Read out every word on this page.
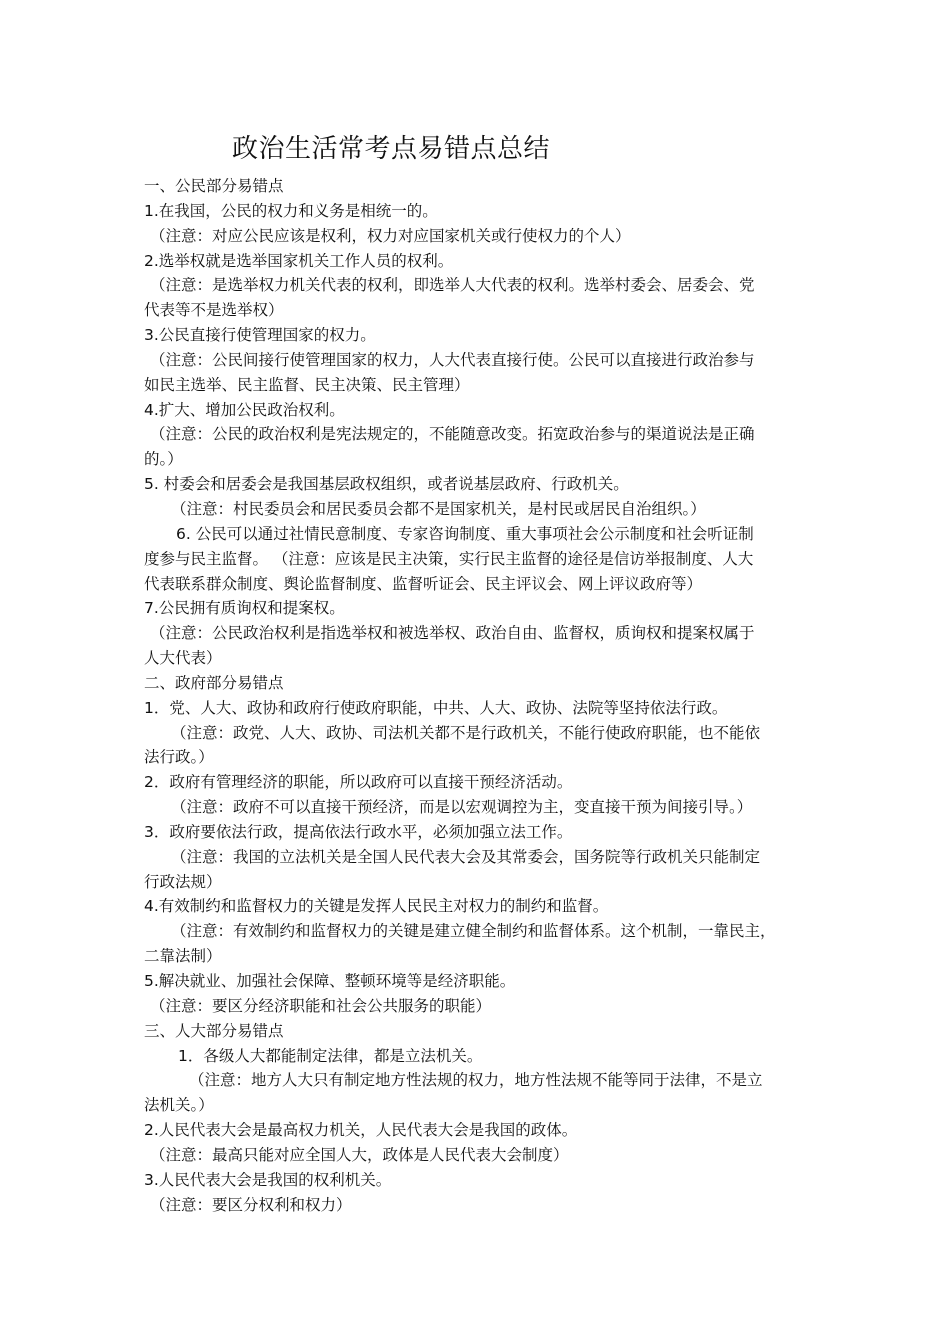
政治生活常考点易错点总结
一、公民部分易错点
1.在我国，公民的权力和义务是相统一的。
（注意：对应公民应该是权利，权力对应国家机关或行使权力的个人）
2.选举权就是选举国家机关工作人员的权利。
（注意：是选举权力机关代表的权利，即选举人大代表的权利。选举村委会、居委会、党
代表等不是选举权）
3.公民直接行使管理国家的权力。
（注意：公民间接行使管理国家的权力，人大代表直接行使。公民可以直接进行政治参与
如民主选举、民主监督、民主决策、民主管理）
4.扩大、增加公民政治权利。
（注意：公民的政治权利是宪法规定的，不能随意改变。拓宽政治参与的渠道说法是正确
的。）
5. 村委会和居委会是我国基层政权组织，或者说基层政府、行政机关。
（注意：村民委员会和居民委员会都不是国家机关，是村民或居民自治组织。）
6. 公民可以通过社情民意制度、专家咨询制度、重大事项社会公示制度和社会听证制
度参与民主监督。 （注意：应该是民主决策，实行民主监督的途径是信访举报制度、人大
代表联系群众制度、舆论监督制度、监督听证会、民主评议会、网上评议政府等）
7.公民拥有质询权和提案权。
（注意：公民政治权利是指选举权和被选举权、政治自由、监督权，质询权和提案权属于
人大代表）
二、政府部分易错点
1．党、人大、政协和政府行使政府职能，中共、人大、政协、法院等坚持依法行政。
（注意：政党、人大、政协、司法机关都不是行政机关，不能行使政府职能，也不能依
法行政。）
2．政府有管理经济的职能，所以政府可以直接干预经济活动。
（注意：政府不可以直接干预经济，而是以宏观调控为主，变直接干预为间接引导。）
3．政府要依法行政，提高依法行政水平，必须加强立法工作。
（注意：我国的立法机关是全国人民代表大会及其常委会，国务院等行政机关只能制定
行政法规）
4.有效制约和监督权力的关键是发挥人民民主对权力的制约和监督。
（注意：有效制约和监督权力的关键是建立健全制约和监督体系。这个机制，一靠民主，
二靠法制）
5.解决就业、加强社会保障、整顿环境等是经济职能。
（注意：要区分经济职能和社会公共服务的职能）
三、人大部分易错点
1．各级人大都能制定法律，都是立法机关。
（注意：地方人大只有制定地方性法规的权力，地方性法规不能等同于法律，不是立
法机关。）
2.人民代表大会是最高权力机关，人民代表大会是我国的政体。
（注意：最高只能对应全国人大，政体是人民代表大会制度）
3.人民代表大会是我国的权利机关。
（注意：要区分权利和权力）
